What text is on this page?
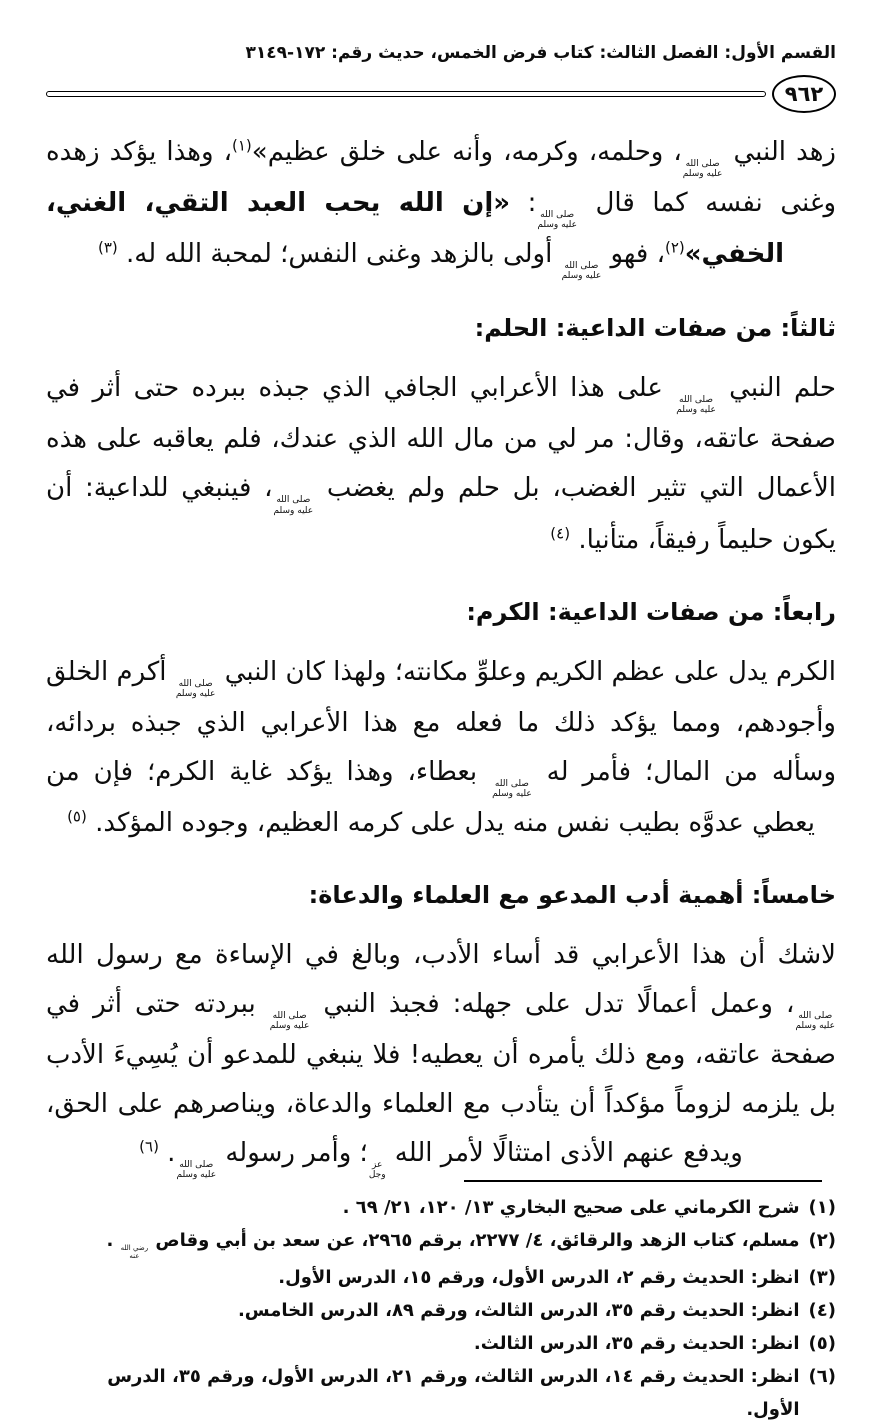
القسم الأول: الفصل الثالث: كتاب فرض الخمس، حديث رقم: ١٧٢-٣١٤٩
٩٦٢

زهد النبي
صلى الله
عليه وسلم
، وحلمه، وكرمه، وأنه على خلق عظيم»$^{(١)}$، وهذا يؤكد زهده وغنى نفسه كما قال
صلى الله
عليه وسلم
: «إن الله يحب العبد التقي، الغني، الخفي»$^{(٢)}$، فهو
صلى الله
عليه وسلم
أولى بالزهد وغنى النفس؛ لمحبة الله له. $^{(٣)}$

ثالثاً: من صفات الداعية: الحلم:

حلم النبي
صلى الله
عليه وسلم
على هذا الأعرابي الجافي الذي جبذه ببرده حتى أثر في صفحة عاتقه، وقال: مر لي من مال الله الذي عندك، فلم يعاقبه على هذه الأعمال التي تثير الغضب، بل حلم ولم يغضب
صلى الله
عليه وسلم
، فينبغي للداعية: أن يكون حليماً رفيقاً، متأنيا. $^{(٤)}$

رابعاً: من صفات الداعية: الكرم:

الكرم يدل على عظم الكريم وعلوِّ مكانته؛ ولهذا كان النبي
صلى الله
عليه وسلم
أكرم الخلق وأجودهم، ومما يؤكد ذلك ما فعله مع هذا الأعرابي الذي جبذه بردائه، وسأله من المال؛ فأمر له
صلى الله
عليه وسلم
بعطاء، وهذا يؤكد غاية الكرم؛ فإن من يعطي عدوَّه بطيب نفس منه يدل على كرمه العظيم، وجوده المؤكد. $^{(٥)}$

خامساً: أهمية أدب المدعو مع العلماء والدعاة:

لاشك أن هذا الأعرابي قد أساء الأدب، وبالغ في الإساءة مع رسول الله
صلى الله
عليه وسلم
، وعمل أعمالًا تدل على جهله: فجبذ النبي
صلى الله
عليه وسلم
ببردته حتى أثر في صفحة عاتقه، ومع ذلك يأمره أن يعطيه! فلا ينبغي للمدعو أن يُسِيءَ الأدب بل يلزمه لزوماً مؤكداً أن يتأدب مع العلماء والدعاة، ويناصرهم على الحق، ويدفع عنهم الأذى امتثالًا لأمر الله
عز
وجل
؛ وأمر رسوله
صلى الله
عليه وسلم
. $^{(٦)}$

(١)
شرح الكرماني على صحيح البخاري ١٣/ ١٢٠، ٢١/ ٦٩ .
(٢)
مسلم، كتاب الزهد والرقائق، ٤/ ٢٢٧٧، برقم ٢٩٦٥، عن سعد بن أبي وقاص
رضي الله
عنه
.
(٣)
انظر: الحديث رقم ٢، الدرس الأول، ورقم ١٥، الدرس الأول.
(٤)
انظر: الحديث رقم ٣٥، الدرس الثالث، ورقم ٨٩، الدرس الخامس.
(٥)
انظر: الحديث رقم ٣٥، الدرس الثالث.
(٦)
انظر: الحديث رقم ١٤، الدرس الثالث، ورقم ٢١، الدرس الأول، ورقم ٣٥، الدرس الأول.
